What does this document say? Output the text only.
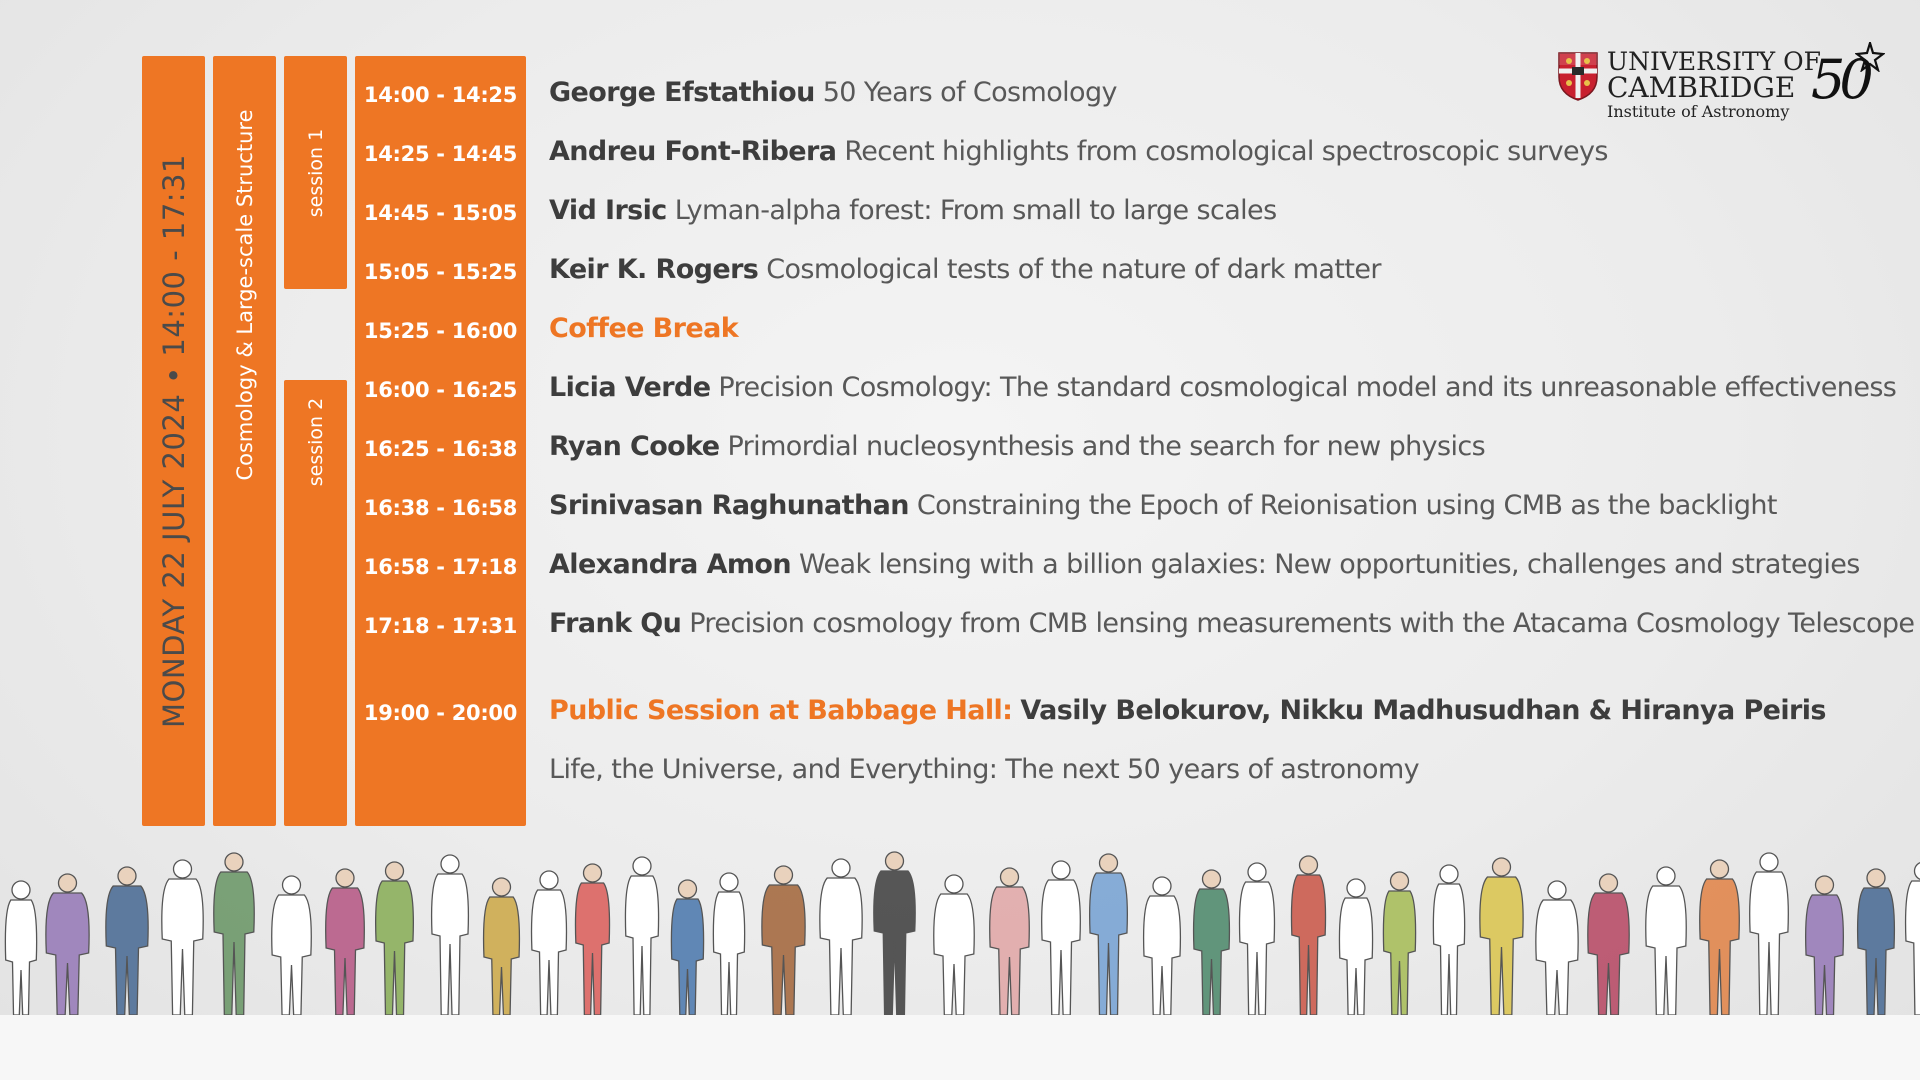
MONDAY 22 JULY 2024 • 14:00 - 17:31 Cosmology & Large-scale Structure	session 1
session 2
14:00 - 14:25
14:25 - 14:45
14:45 - 15:05
15:05 - 15:25
15:25 - 16:00
16:00 - 16:25
16:25 - 16:38
16:38 - 16:58
16:58 - 17:18
17:18 - 17:31
19:00 - 20:00
George Efstathiou 50 Years of Cosmology
Andreu Font-Ribera Recent highlights from cosmological spectroscopic surveys
Vid Irsic Lyman-alpha forest: From small to large scales
Keir K. Rogers Cosmological tests of the nature of dark matter
Coffee Break
Licia Verde Precision Cosmology: The standard cosmological model and its unreasonable effectiveness
Ryan Cooke Primordial nucleosynthesis and the search for new physics
Srinivasan Raghunathan Constraining the Epoch of Reionisation using CMB as the backlight
Alexandra Amon Weak lensing with a billion galaxies: New opportunities, challenges and strategies
Frank Qu Precision cosmology from CMB lensing measurements with the Atacama Cosmology Telescope
Public Session at Babbage Hall: Vasily Belokurov, Nikku Madhusudhan & Hiranya Peiris
Life, the Universe, and Everything: The next 50 years of astronomy
UNIVERSITY OF
CAMBRIDGE
Institute of Astronomy
50
